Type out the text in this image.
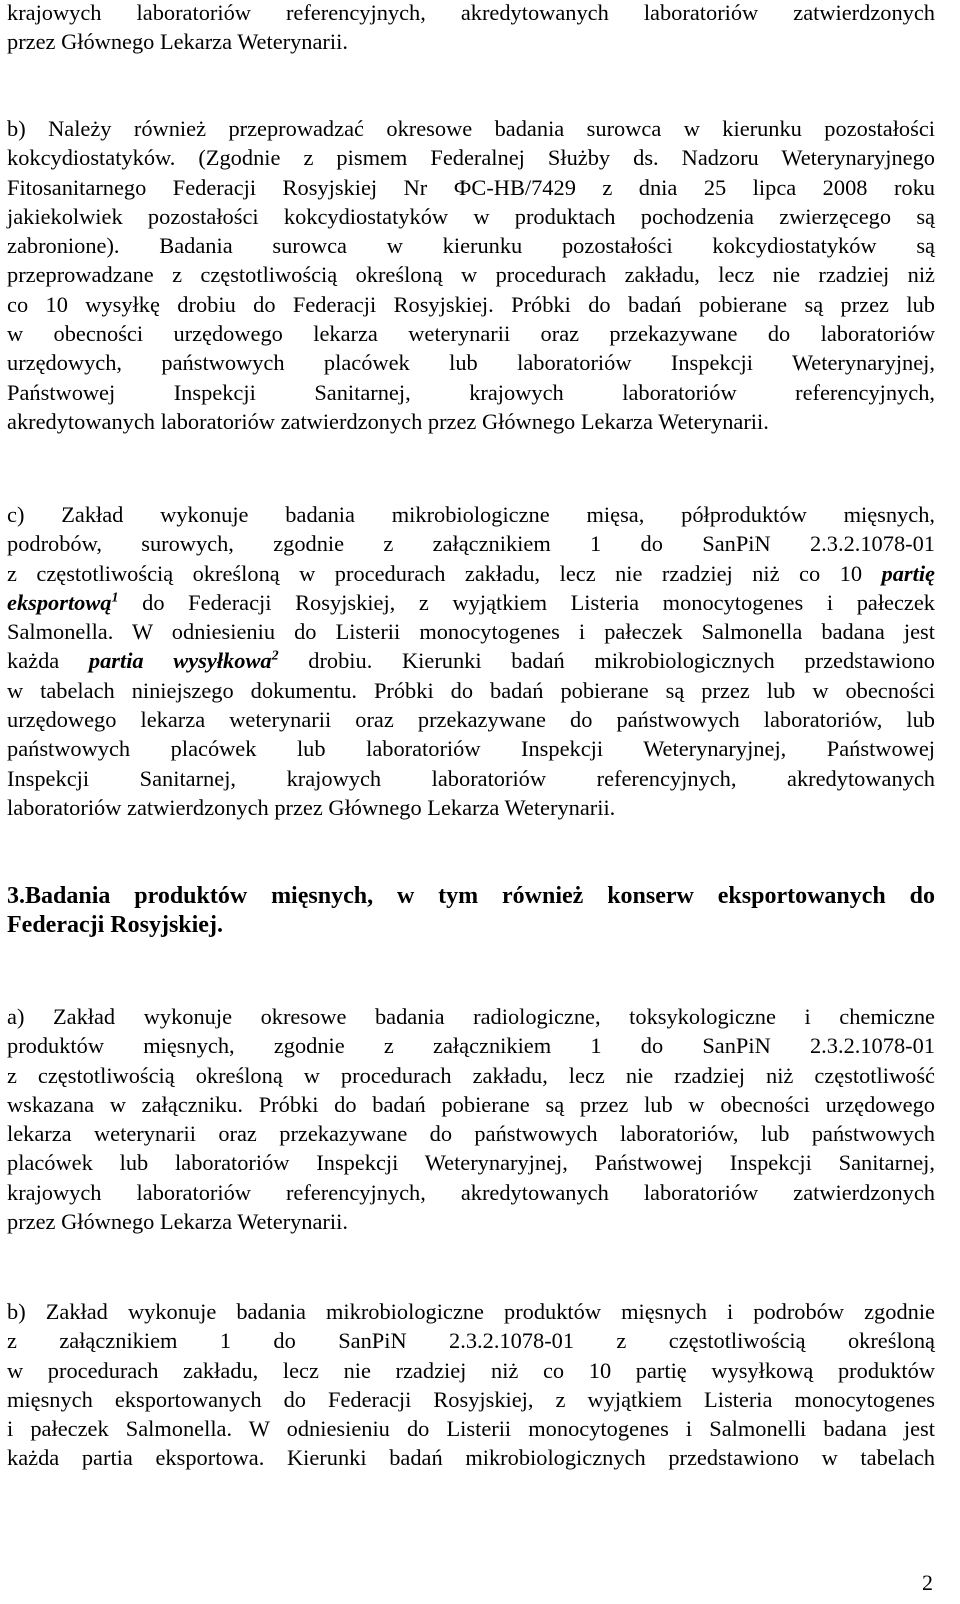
krajowych laboratoriów referencyjnych, akredytowanych laboratoriów zatwierdzonych
przez Głównego Lekarza Weterynarii.
b) Należy również przeprowadzać okresowe badania surowca w kierunku pozostałości
kokcydiostatyków. (Zgodnie z pismem Federalnej Służby ds. Nadzoru Weterynaryjnego
Fitosanitarnego Federacji Rosyjskiej Nr ФС-НВ/7429 z dnia 25 lipca 2008 roku
jakiekolwiek pozostałości kokcydiostatyków w produktach pochodzenia zwierzęcego są
zabronione). Badania surowca w kierunku pozostałości kokcydiostatyków są
przeprowadzane z częstotliwością określoną w procedurach zakładu, lecz nie rzadziej niż
co 10 wysyłkę drobiu do Federacji Rosyjskiej. Próbki do badań pobierane są przez lub
w obecności urzędowego lekarza weterynarii oraz przekazywane do laboratoriów
urzędowych, państwowych placówek lub laboratoriów Inspekcji Weterynaryjnej,
Państwowej Inspekcji Sanitarnej, krajowych laboratoriów referencyjnych,
akredytowanych laboratoriów zatwierdzonych przez Głównego Lekarza Weterynarii.
c) Zakład wykonuje badania mikrobiologiczne mięsa, półproduktów mięsnych,
podrobów, surowych, zgodnie z załącznikiem 1 do SanPiN 2.3.2.1078-01
z częstotliwością określoną w procedurach zakładu, lecz nie rzadziej niż co 10 partię
eksportową$^1$ do Federacji Rosyjskiej, z wyjątkiem Listeria monocytogenes i pałeczek
Salmonella. W odniesieniu do Listerii monocytogenes i pałeczek Salmonella badana jest
każda partia wysyłkowa$^2$ drobiu. Kierunki badań mikrobiologicznych przedstawiono
w tabelach niniejszego dokumentu. Próbki do badań pobierane są przez lub w obecności
urzędowego lekarza weterynarii oraz przekazywane do państwowych laboratoriów, lub
państwowych placówek lub laboratoriów Inspekcji Weterynaryjnej, Państwowej
Inspekcji Sanitarnej, krajowych laboratoriów referencyjnych, akredytowanych
laboratoriów zatwierdzonych przez Głównego Lekarza Weterynarii.
3.Badania produktów mięsnych, w tym również konserw eksportowanych do
Federacji Rosyjskiej.
a) Zakład wykonuje okresowe badania radiologiczne, toksykologiczne i chemiczne
produktów mięsnych, zgodnie z załącznikiem 1 do SanPiN 2.3.2.1078-01
z częstotliwością określoną w procedurach zakładu, lecz nie rzadziej niż częstotliwość
wskazana w załączniku. Próbki do badań pobierane są przez lub w obecności urzędowego
lekarza weterynarii oraz przekazywane do państwowych laboratoriów, lub państwowych
placówek lub laboratoriów Inspekcji Weterynaryjnej, Państwowej Inspekcji Sanitarnej,
krajowych laboratoriów referencyjnych, akredytowanych laboratoriów zatwierdzonych
przez Głównego Lekarza Weterynarii.
b) Zakład wykonuje badania mikrobiologiczne produktów mięsnych i podrobów zgodnie
z załącznikiem 1 do SanPiN 2.3.2.1078-01 z częstotliwością określoną
w procedurach zakładu, lecz nie rzadziej niż co 10 partię wysyłkową produktów
mięsnych eksportowanych do Federacji Rosyjskiej, z wyjątkiem Listeria monocytogenes
i pałeczek Salmonella. W odniesieniu do Listerii monocytogenes i Salmonelli badana jest
każda partia eksportowa. Kierunki badań mikrobiologicznych przedstawiono w tabelach
2
